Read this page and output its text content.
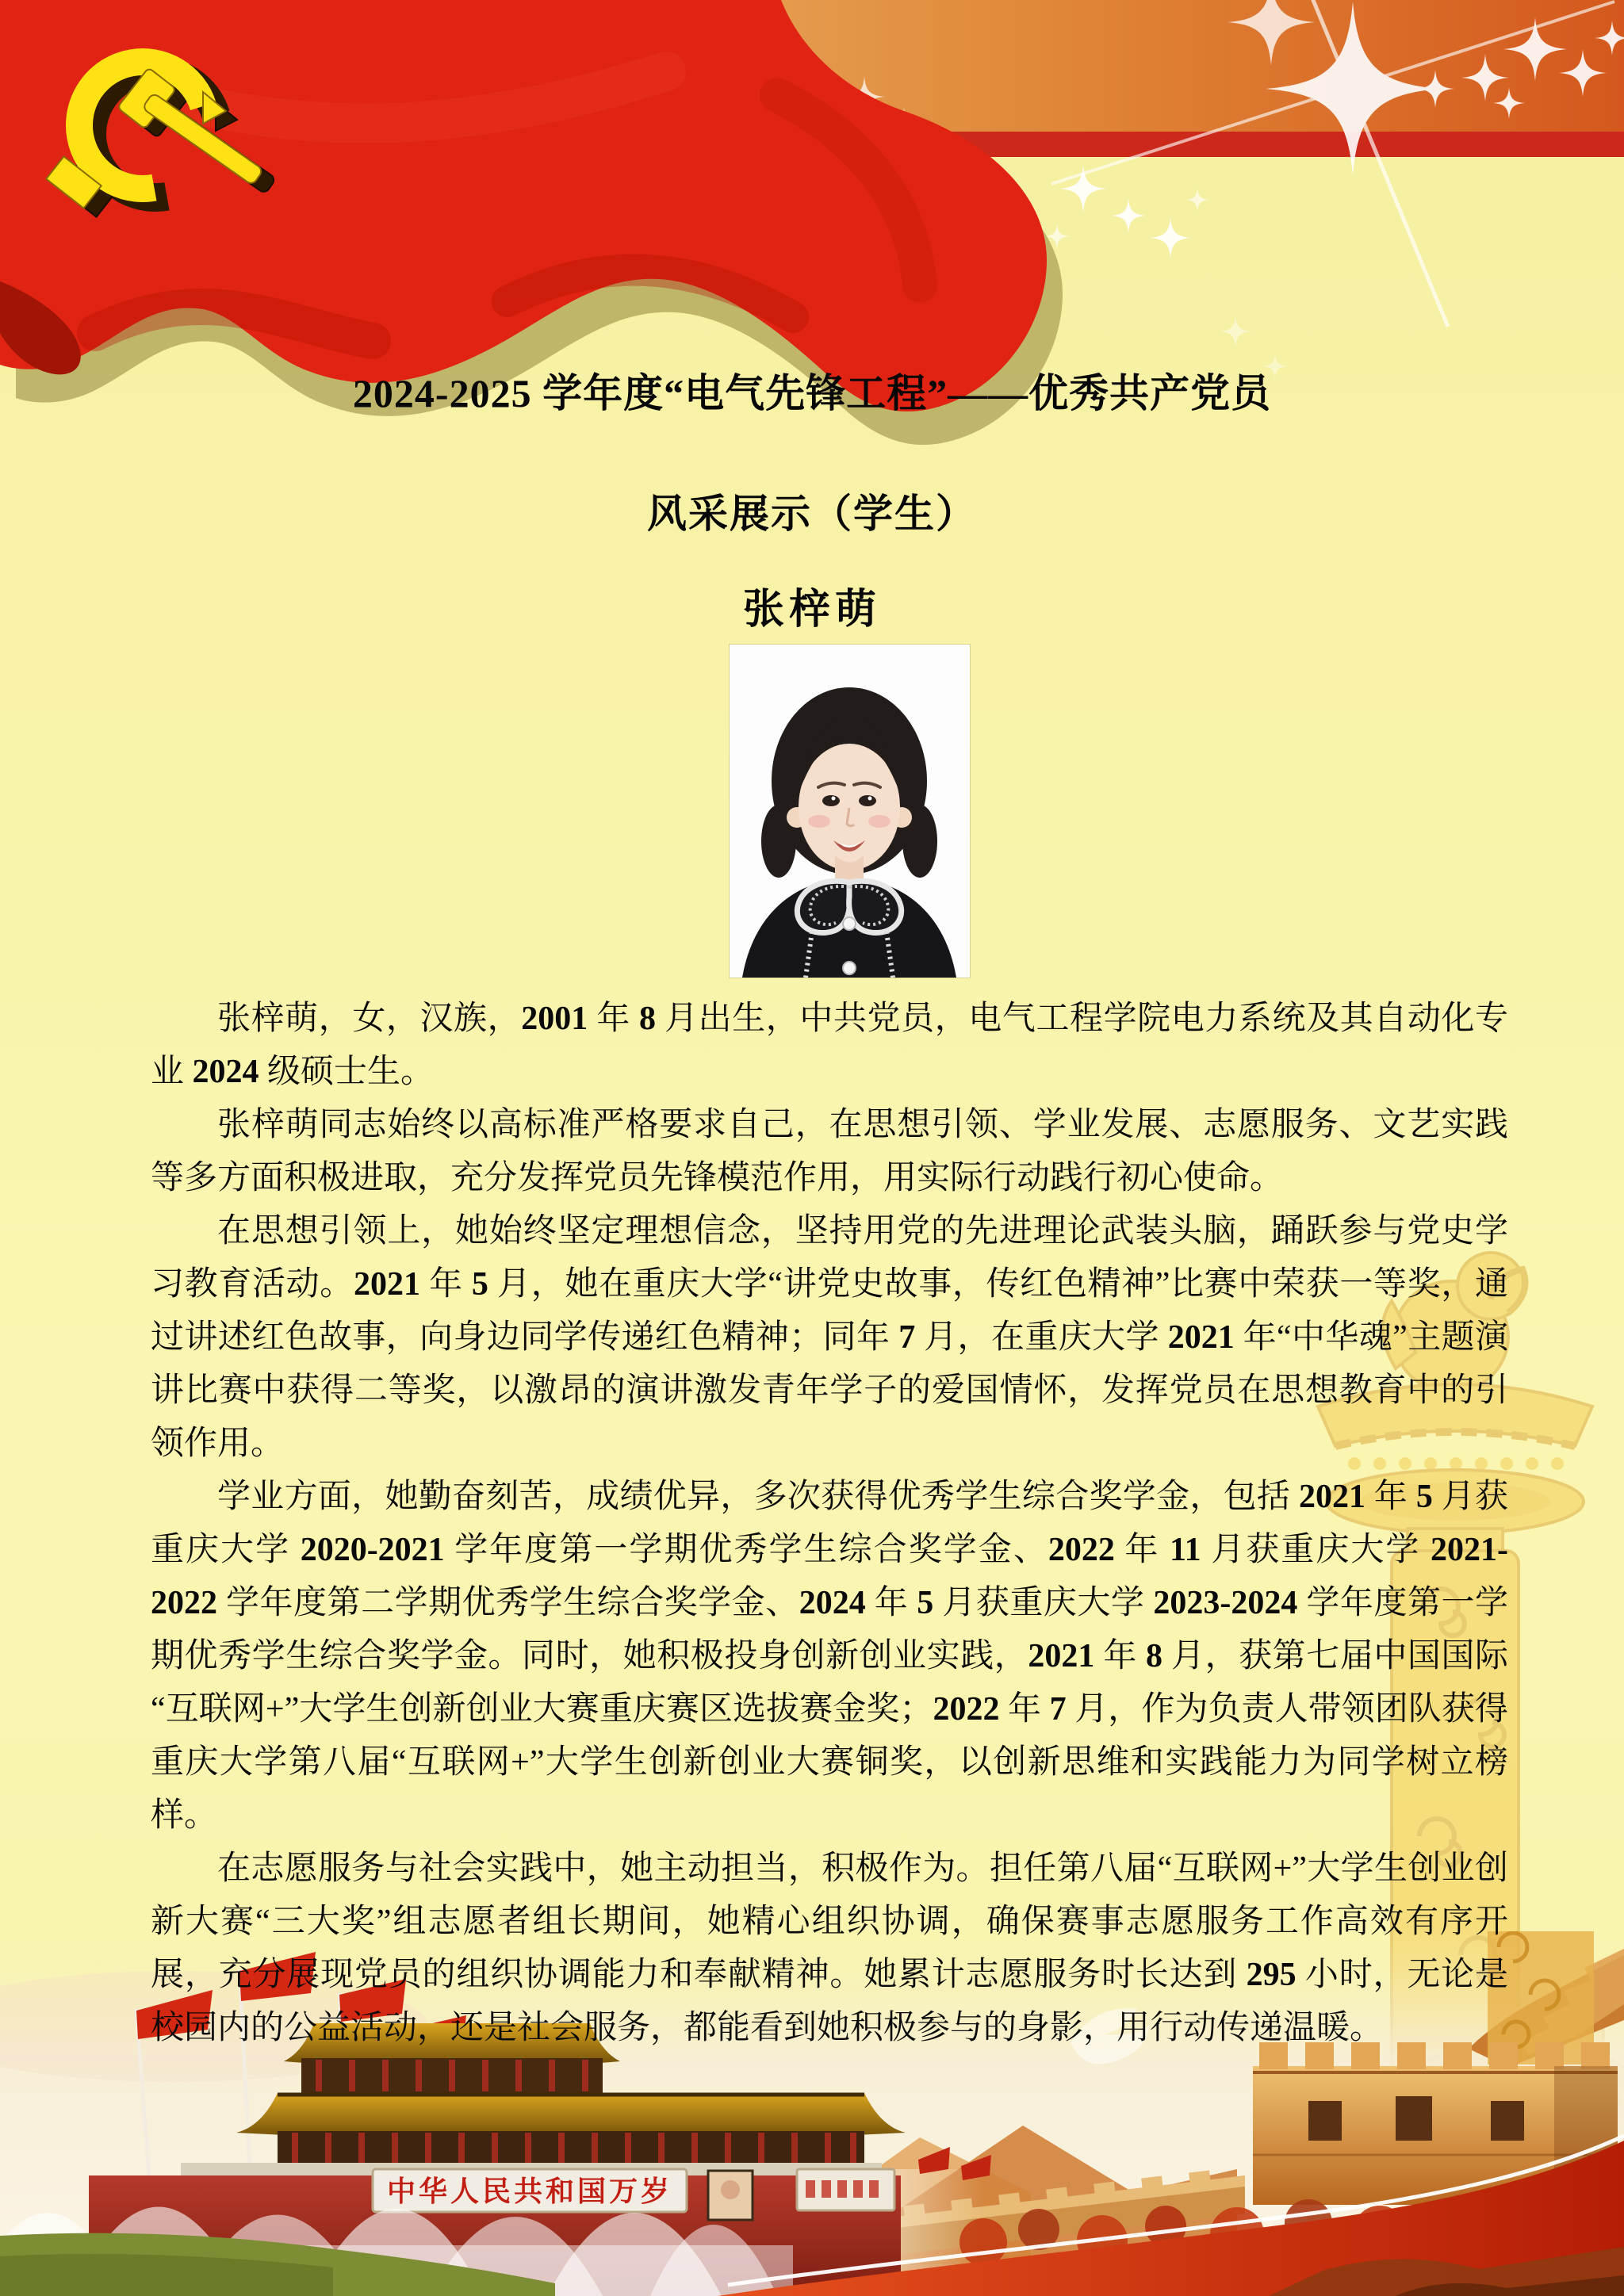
2024-2025 学年度“电气先锋工程”——优秀共产党员
风采展示（学生）
张梓萌

张梓萌，女，汉族，2001 年 8 月出生，中共党员，电气工程学院电力系统及其自动化专业 2024 级硕士生。

张梓萌同志始终以高标准严格要求自己，在思想引领、学业发展、志愿服务、文艺实践等多方面积极进取，充分发挥党员先锋模范作用，用实际行动践行初心使命。

在思想引领上，她始终坚定理想信念，坚持用党的先进理论武装头脑，踊跃参与党史学习教育活动。2021 年 5 月，她在重庆大学“讲党史故事，传红色精神”比赛中荣获一等奖，通过讲述红色故事，向身边同学传递红色精神；同年 7 月，在重庆大学 2021 年“中华魂”主题演讲比赛中获得二等奖，以激昂的演讲激发青年学子的爱国情怀，发挥党员在思想教育中的引领作用。

学业方面，她勤奋刻苦，成绩优异，多次获得优秀学生综合奖学金，包括 2021 年 5 月获重庆大学 2020-2021 学年度第一学期优秀学生综合奖学金、2022 年 11 月获重庆大学 2021-2022 学年度第二学期优秀学生综合奖学金、2024 年 5 月获重庆大学 2023-2024 学年度第一学期优秀学生综合奖学金。同时，她积极投身创新创业实践，2021 年 8 月，获第七届中国国际 “互联网+”大学生创新创业大赛重庆赛区选拔赛金奖；2022 年 7 月，作为负责人带领团队获得重庆大学第八届“互联网+”大学生创新创业大赛铜奖，以创新思维和实践能力为同学树立榜样。

在志愿服务与社会实践中，她主动担当，积极作为。担任第八届“互联网+”大学生创业创新大赛“三大奖”组志愿者组长期间，她精心组织协调，确保赛事志愿服务工作高效有序开展，充分展现党员的组织协调能力和奉献精神。她累计志愿服务时长达到 295 小时，无论是校园内的公益活动，还是社会服务，都能看到她积极参与的身影，用行动传递温暖。

中华人民共和国万岁
